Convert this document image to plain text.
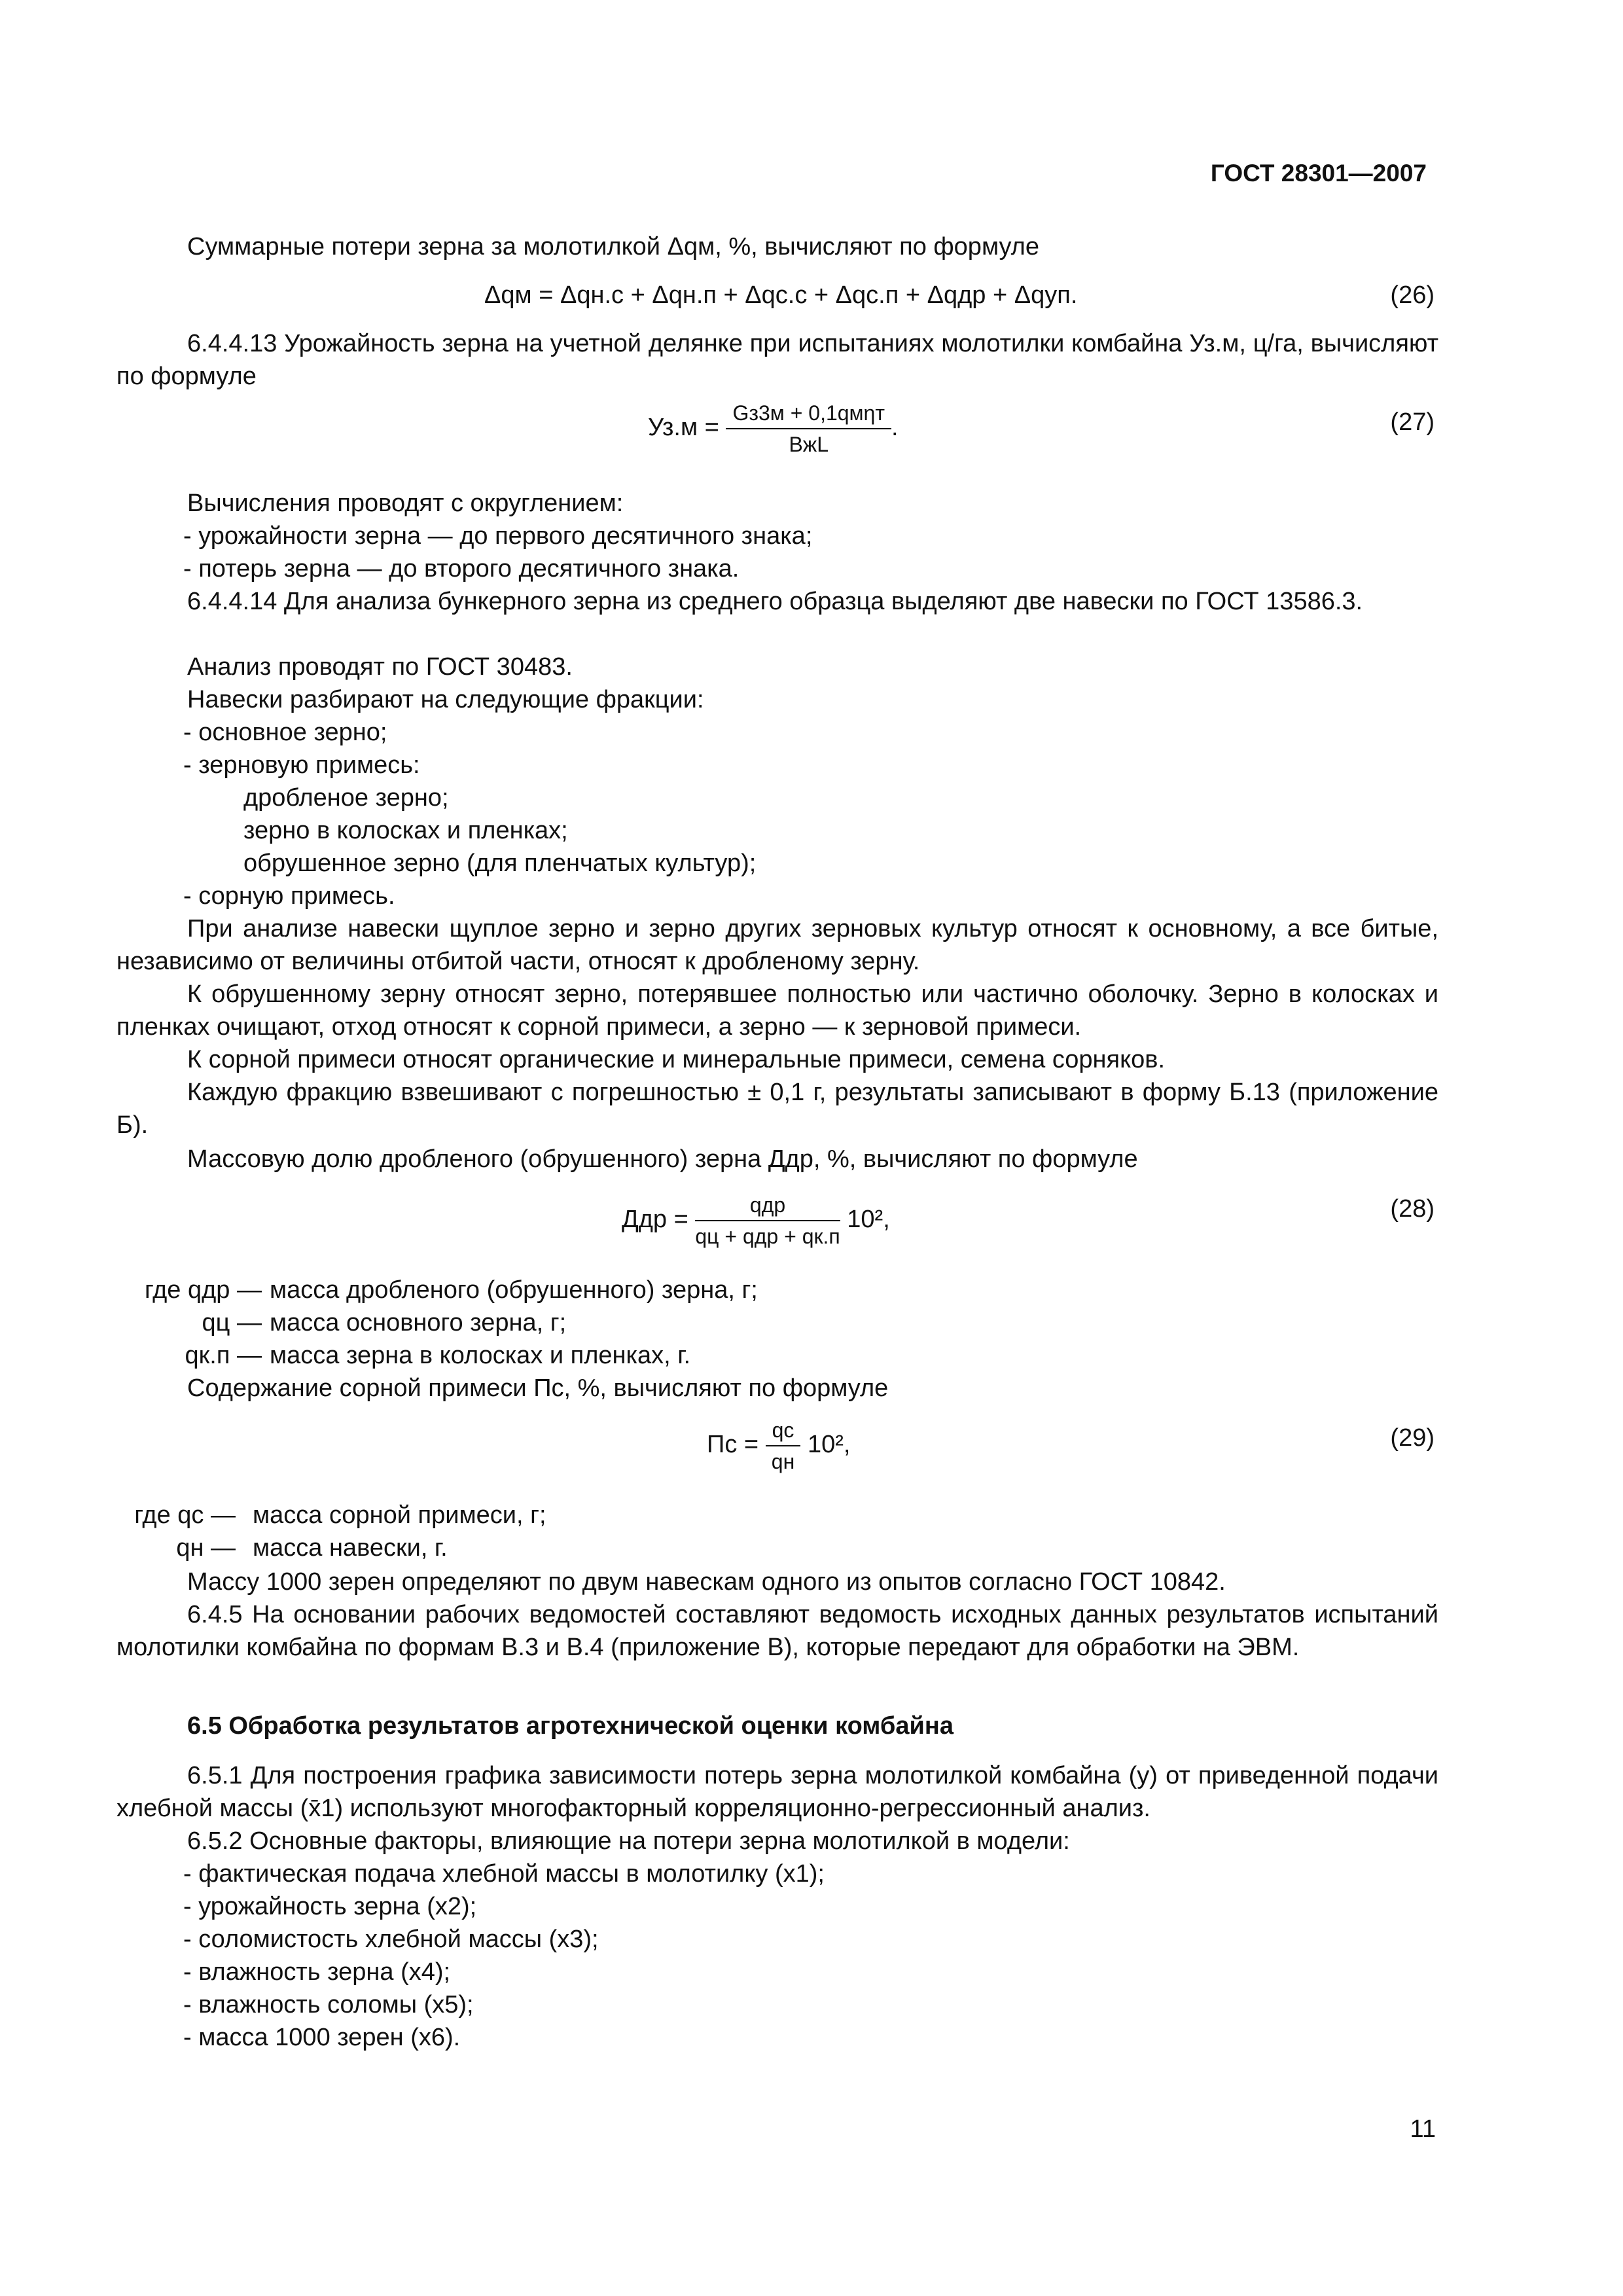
ГОСТ 28301—2007
Суммарные потери зерна за молотилкой Δqм, %, вычисляют по формуле
Δqм = Δqн.с + Δqн.п + Δqс.с + Δqс.п + Δqдр + Δqуп.	(26)
6.4.4.13 Урожайность зерна на учетной делянке при испытаниях молотилки комбайна Уз.м, ц/га, вычисляют по формуле
$Уз.м = \frac{\text{Gз3м + 0,1qмηт}}{\text{BжL}}$ .	(27)
Вычисления проводят с округлением:
- урожайности зерна — до первого десятичного знака;
- потерь зерна — до второго десятичного знака.
6.4.4.14 Для анализа бункерного зерна из среднего образца выделяют две навески по ГОСТ 13586.3.
Анализ проводят по ГОСТ 30483.
Навески разбирают на следующие фракции:
- основное зерно;
- зерновую примесь:
дробленое зерно;
зерно в колосках и пленках;
обрушенное зерно (для пленчатых культур);
- сорную примесь.
При анализе навески щуплое зерно и зерно других зерновых культур относят к основному, а все битые, независимо от величины отбитой части, относят к дробленому зерну.
К обрушенному зерну относят зерно, потерявшее полностью или частично оболочку. Зерно в колосках и пленках очищают, отход относят к сорной примеси, а зерно — к зерновой примеси.
К сорной примеси относят органические и минеральные примеси, семена сорняков.
Каждую фракцию взвешивают с погрешностью ± 0,1 г, результаты записывают в форму Б.13 (приложение Б).
Массовую долю дробленого (обрушенного) зерна Ддр, %, вычисляют по формуле
Ддр = $\frac{\text{qдр}}{\text{qц + qдр + qк.п}} 10^2$,	(28)
где qдр — масса дробленого (обрушенного) зерна, г;
qц — масса основного зерна, г;
qк.п — масса зерна в колосках и пленках, г.
Содержание сорной примеси Пс, %, вычисляют по формуле
Пс = $\frac{qс}{qн} 10^2$,	(29)
где qс — масса сорной примеси, г;
qн — масса навески, г.
Массу 1000 зерен определяют по двум навескам одного из опытов согласно ГОСТ 10842.
6.4.5 На основании рабочих ведомостей составляют ведомость исходных данных результатов испытаний молотилки комбайна по формам В.3 и В.4 (приложение В), которые передают для обработки на ЭВМ.
6.5 Обработка результатов агротехнической оценки комбайна
6.5.1 Для построения графика зависимости потерь зерна молотилкой комбайна (y) от приведенной подачи хлебной массы (x̄1) используют многофакторный корреляционно-регрессионный анализ.
6.5.2 Основные факторы, влияющие на потери зерна молотилкой в модели:
- фактическая подача хлебной массы в молотилку (x1);
- урожайность зерна (x2);
- соломистость хлебной массы (x3);
- влажность зерна (x4);
- влажность соломы (x5);
- масса 1000 зерен (x6).
11
